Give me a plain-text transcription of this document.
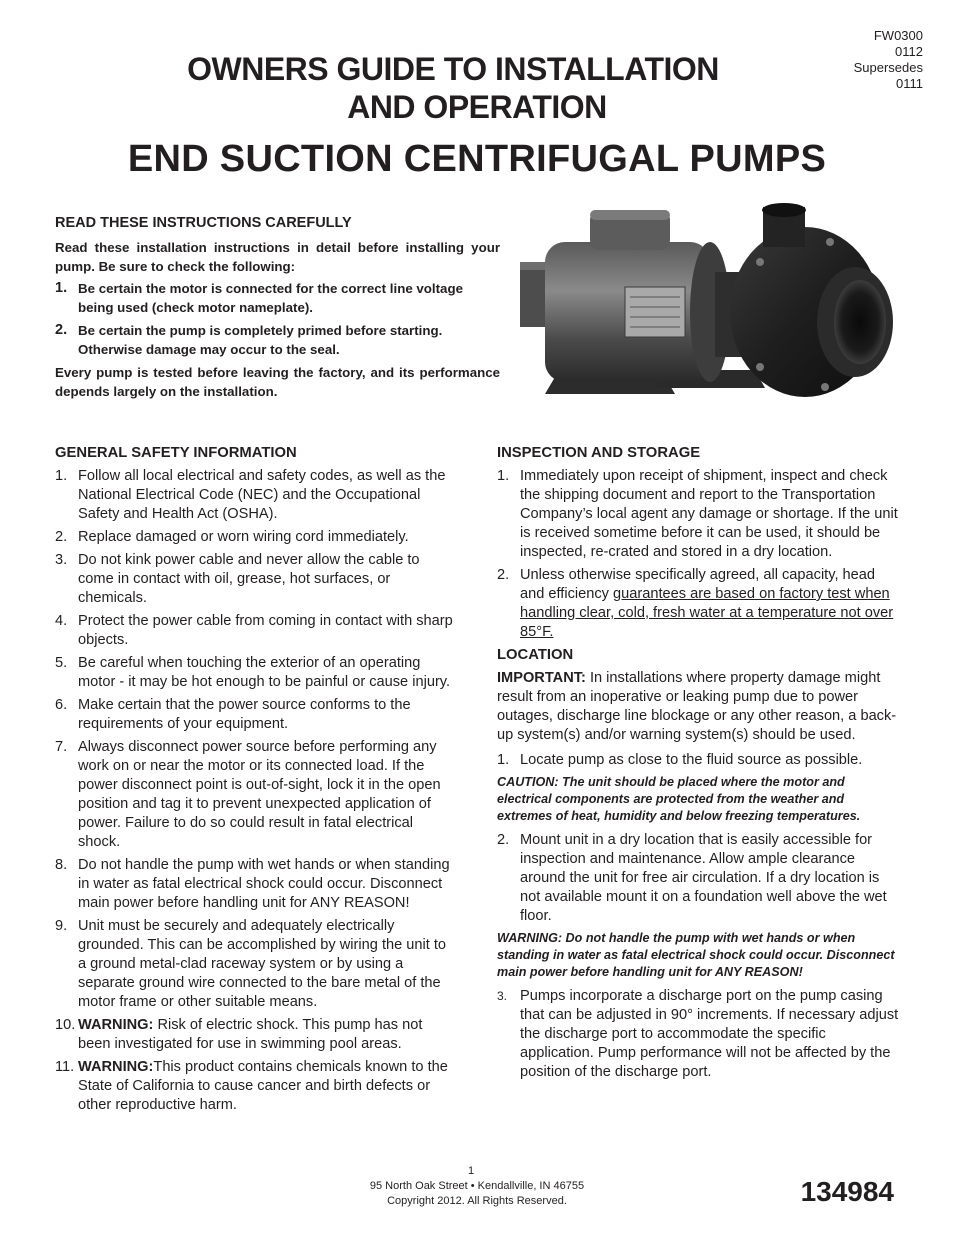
FW0300
0112
Supersedes
0111
OWNERS GUIDE TO INSTALLATION
AND OPERATION
END SUCTION CENTRIFUGAL PUMPS
READ THESE INSTRUCTIONS CAREFULLY

Read these installation instructions in detail before installing your pump. Be sure to check the following:

1. Be certain the motor is connected for the correct line voltage being used (check motor nameplate).
2. Be certain the pump is completely primed before starting. Otherwise damage may occur to the seal.

Every pump is tested before leaving the factory, and its performance depends largely on the installation.

GENERAL SAFETY INFORMATION
1. Follow all local electrical and safety codes, as well as the National Electrical Code (NEC) and the Occupational Safety and Health Act (OSHA).
2. Replace damaged or worn wiring cord immediately.
3. Do not kink power cable and never allow the cable to come in contact with oil, grease, hot surfaces, or chemicals.
4. Protect the power cable from coming in contact with sharp objects.
5. Be careful when touching the exterior of an operating motor - it may be hot enough to be painful or cause injury.
6. Make certain that the power source conforms to the requirements of your equipment.
7. Always disconnect power source before performing any work on or near the motor or its connected load. If the power disconnect point is out-of-sight, lock it in the open position and tag it to prevent unexpected application of power. Failure to do so could result in fatal electrical shock.
8. Do not handle the pump with wet hands or when standing in water as fatal electrical shock could occur. Disconnect main power before handling unit for ANY REASON!
9. Unit must be securely and adequately electrically grounded. This can be accomplished by wiring the unit to a ground metal-clad raceway system or by using a separate ground wire connected to the bare metal of the motor frame or other suitable means.
10. WARNING: Risk of electric shock. This pump has not been investigated for use in swimming pool areas.
11. WARNING:This product contains chemicals known to the State of California to cause cancer and birth defects or other reproductive harm.
INSPECTION AND STORAGE
1. Immediately upon receipt of shipment, inspect and check the shipping document and report to the Transportation Company’s local agent any damage or shortage. If the unit is received sometime before it can be used, it should be inspected, re-crated and stored in a dry location.
2. Unless otherwise specifically agreed, all capacity, head and efficiency guarantees are based on factory test when handling clear, cold, fresh water at a temperature not over 85°F.
LOCATION

IMPORTANT: In installations where property damage might result from an inoperative or leaking pump due to power outages, discharge line blockage or any other reason, a back-up system(s) and/or warning system(s) should be used.

1. Locate pump as close to the fluid source as possible.
CAUTION: The unit should be placed where the motor and electrical components are protected from the weather and extremes of heat, humidity and below freezing temperatures.
2. Mount unit in a dry location that is easily accessible for inspection and maintenance. Allow ample clearance around the unit for free air circulation. If a dry location is not available mount it on a foundation well above the wet floor.
WARNING: Do not handle the pump with wet hands or when standing in water as fatal electrical shock could occur. Disconnect main power before handling unit for ANY REASON!
3. Pumps incorporate a discharge port on the pump casing that can be adjusted in 90° increments. If necessary adjust the discharge port to accommodate the specific application. Pump performance will not be affected by the position of the discharge port.
1
95 North Oak Street • Kendallville, IN 46755
Copyright 2012. All Rights Reserved.	134984
